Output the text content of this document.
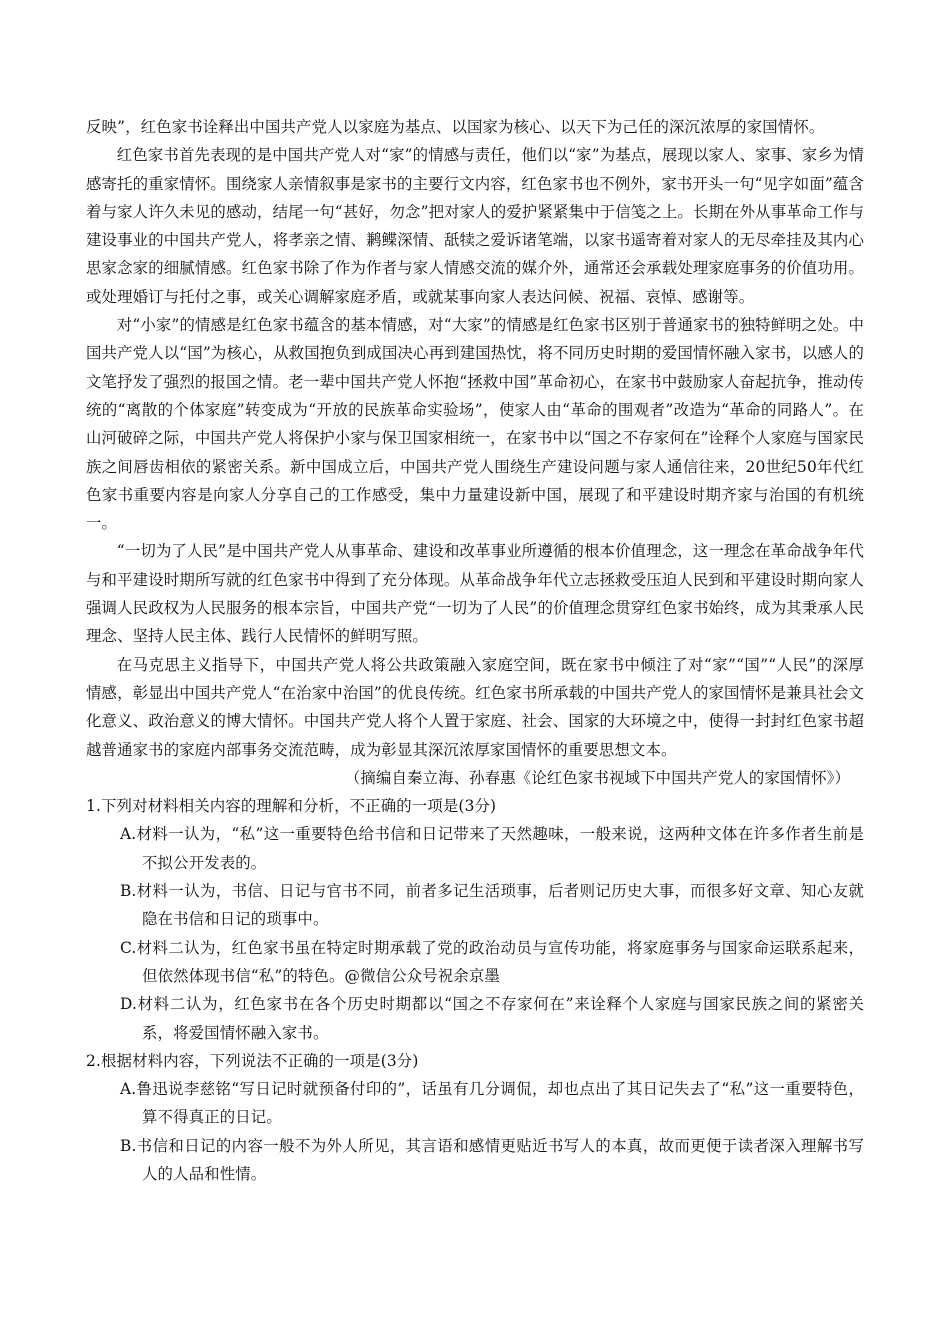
反映”，红色家书诠释出中国共产党人以家庭为基点、以国家为核心、以天下为己任的深沉浓厚的家国情怀。

红色家书首先表现的是中国共产党人对“家”的情感与责任，他们以“家”为基点，展现以家人、家事、家乡为情感寄托的重家情怀。围绕家人亲情叙事是家书的主要行文内容，红色家书也不例外，家书开头一句“见字如面”蕴含着与家人许久未见的感动，结尾一句“甚好，勿念”把对家人的爱护紧紧集中于信笺之上。长期在外从事革命工作与建设事业的中国共产党人，将孝亲之情、鹣鲽深情、舐犊之爱诉诸笔端，以家书遥寄着对家人的无尽牵挂及其内心思家念家的细腻情感。红色家书除了作为作者与家人情感交流的媒介外，通常还会承载处理家庭事务的价值功用。或处理婚订与托付之事，或关心调解家庭矛盾，或就某事向家人表达问候、祝福、哀悼、感谢等。

对“小家”的情感是红色家书蕴含的基本情感，对“大家”的情感是红色家书区别于普通家书的独特鲜明之处。中国共产党人以“国”为核心，从救国抱负到成国决心再到建国热忱，将不同历史时期的爱国情怀融入家书，以感人的文笔抒发了强烈的报国之情。老一辈中国共产党人怀抱“拯救中国”革命初心，在家书中鼓励家人奋起抗争，推动传统的“离散的个体家庭”转变成为“开放的民族革命实验场”，使家人由“革命的围观者”改造为“革命的同路人”。在山河破碎之际，中国共产党人将保护小家与保卫国家相统一，在家书中以“国之不存家何在”诠释个人家庭与国家民族之间唇齿相依的紧密关系。新中国成立后，中国共产党人围绕生产建设问题与家人通信往来，20世纪50年代红色家书重要内容是向家人分享自己的工作感受，集中力量建设新中国，展现了和平建设时期齐家与治国的有机统一。

“一切为了人民”是中国共产党人从事革命、建设和改革事业所遵循的根本价值理念，这一理念在革命战争年代与和平建设时期所写就的红色家书中得到了充分体现。从革命战争年代立志拯救受压迫人民到和平建设时期向家人强调人民政权为人民服务的根本宗旨，中国共产党“一切为了人民”的价值理念贯穿红色家书始终，成为其秉承人民理念、坚持人民主体、践行人民情怀的鲜明写照。

在马克思主义指导下，中国共产党人将公共政策融入家庭空间，既在家书中倾注了对“家”“国”“人民”的深厚情感，彰显出中国共产党人“在治家中治国”的优良传统。红色家书所承载的中国共产党人的家国情怀是兼具社会文化意义、政治意义的博大情怀。中国共产党人将个人置于家庭、社会、国家的大环境之中，使得一封封红色家书超越普通家书的家庭内部事务交流范畴，成为彰显其深沉浓厚家国情怀的重要思想文本。

（摘编自秦立海、孙春惠《论红色家书视域下中国共产党人的家国情怀》）

1.下列对材料相关内容的理解和分析，不正确的一项是(3分)

A.材料一认为，“私”这一重要特色给书信和日记带来了天然趣味，一般来说，这两种文体在许多作者生前是不拟公开发表的。

B.材料一认为，书信、日记与官书不同，前者多记生活琐事，后者则记历史大事，而很多好文章、知心友就隐在书信和日记的琐事中。

C.材料二认为，红色家书虽在特定时期承载了党的政治动员与宣传功能，将家庭事务与国家命运联系起来，但依然体现书信“私”的特色。@微信公众号祝余京墨

D.材料二认为，红色家书在各个历史时期都以“国之不存家何在”来诠释个人家庭与国家民族之间的紧密关系，将爱国情怀融入家书。

2.根据材料内容，下列说法不正确的一项是(3分)

A.鲁迅说李慈铭“写日记时就预备付印的”，话虽有几分调侃，却也点出了其日记失去了“私”这一重要特色，算不得真正的日记。

B.书信和日记的内容一般不为外人所见，其言语和感情更贴近书写人的本真，故而更便于读者深入理解书写人的人品和性情。
